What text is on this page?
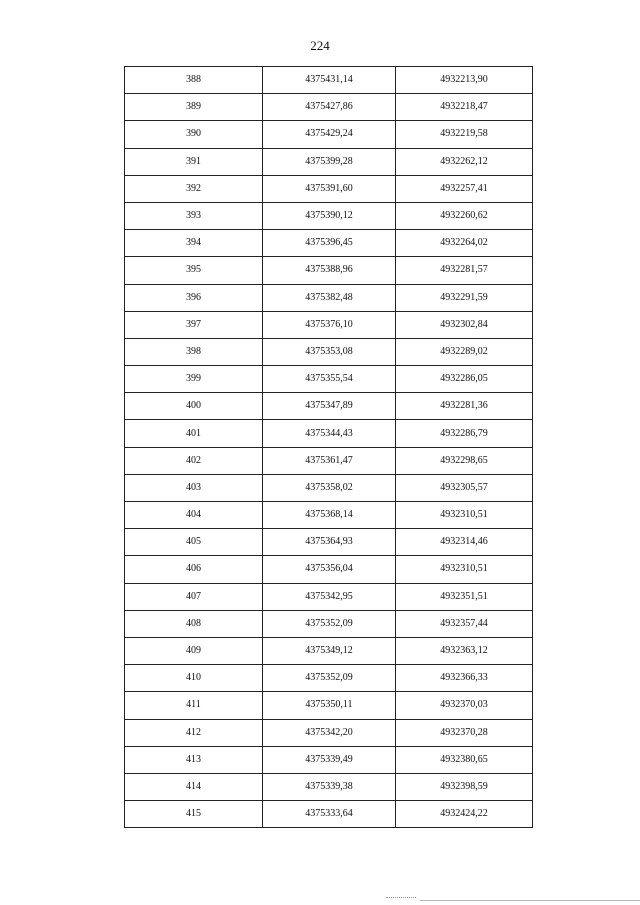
224
388	4375431,14	4932213,90
389	4375427,86	4932218,47
390	4375429,24	4932219,58
391	4375399,28	4932262,12
392	4375391,60	4932257,41
393	4375390,12	4932260,62
394	4375396,45	4932264,02
395	4375388,96	4932281,57
396	4375382,48	4932291,59
397	4375376,10	4932302,84
398	4375353,08	4932289,02
399	4375355,54	4932286,05
400	4375347,89	4932281,36
401	4375344,43	4932286,79
402	4375361,47	4932298,65
403	4375358,02	4932305,57
404	4375368,14	4932310,51
405	4375364,93	4932314,46
406	4375356,04	4932310,51
407	4375342,95	4932351,51
408	4375352,09	4932357,44
409	4375349,12	4932363,12
410	4375352,09	4932366,33
411	4375350,11	4932370,03
412	4375342,20	4932370,28
413	4375339,49	4932380,65
414	4375339,38	4932398,59
415	4375333,64	4932424,22
